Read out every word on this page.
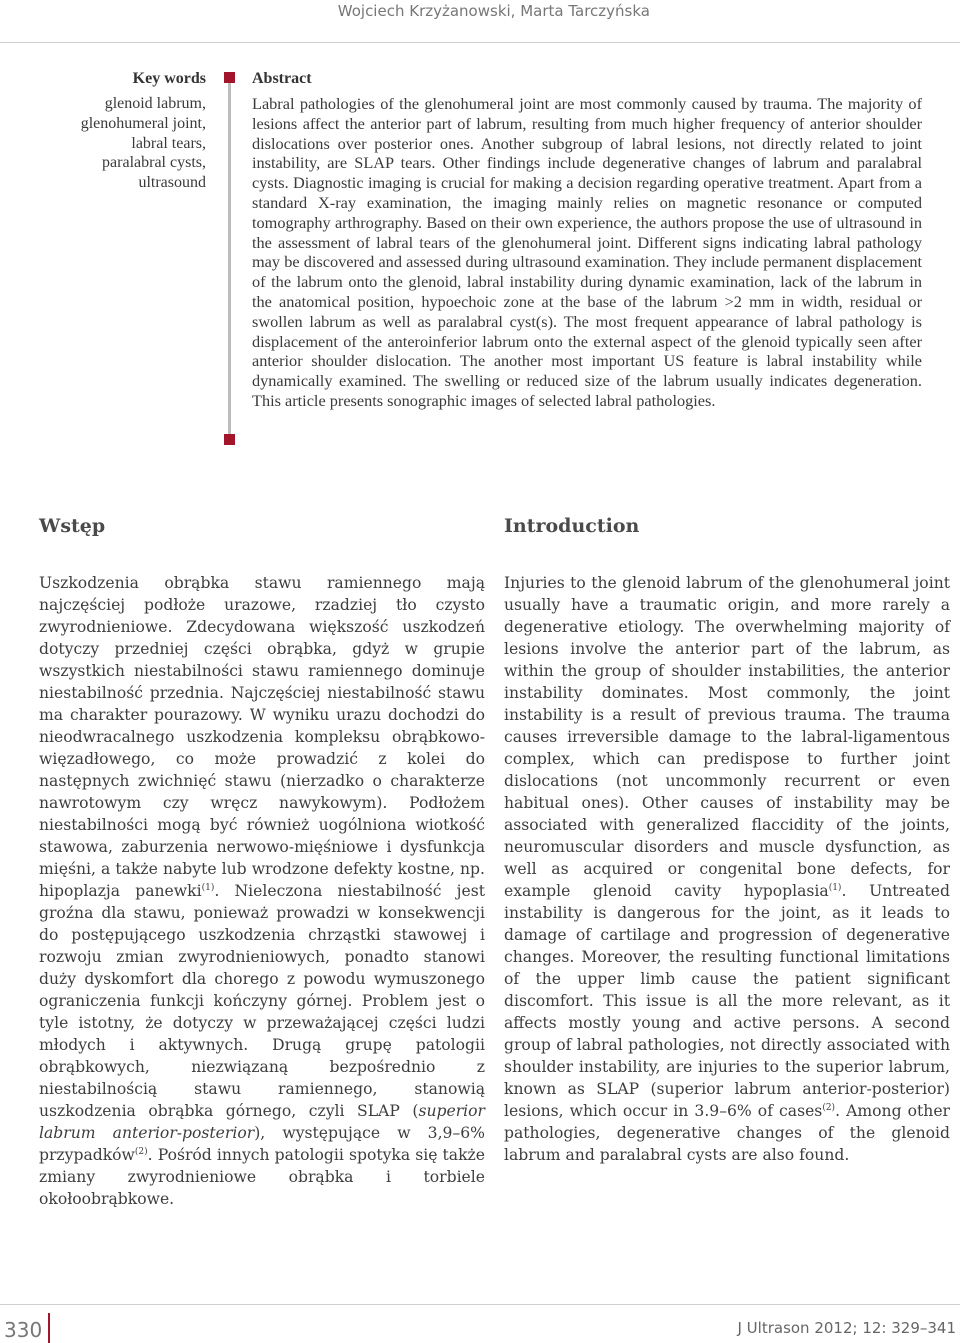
Wojciech Krzyżanowski, Marta Tarczyńska
Key words
glenoid labrum,
glenohumeral joint,
labral tears,
paralabral cysts,
ultrasound
Abstract

Labral pathologies of the glenohumeral joint are most commonly caused by trauma. The majority of lesions affect the anterior part of labrum, resulting from much higher frequency of anterior shoulder dislocations over posterior ones. Another subgroup of labral lesions, not directly related to joint instability, are SLAP tears. Other findings include degenerative changes of labrum and paralabral cysts. Diagnostic imaging is crucial for making a decision regarding operative treatment. Apart from a standard X-ray examination, the imaging mainly relies on magnetic resonance or computed tomography arthrography. Based on their own experience, the authors propose the use of ultrasound in the assessment of labral tears of the glenohumeral joint. Different signs indicating labral pathology may be discovered and assessed during ultrasound examination. They include permanent displacement of the labrum onto the glenoid, labral instability during dynamic examination, lack of the labrum in the anatomical position, hypoechoic zone at the base of the labrum >2 mm in width, residual or swollen labrum as well as paralabral cyst(s). The most frequent appearance of labral pathology is displacement of the anteroinferior labrum onto the external aspect of the glenoid typically seen after anterior shoulder dislocation. The another most important US feature is labral instability while dynamically examined. The swelling or reduced size of the labrum usually indicates degeneration. This article presents sonographic images of selected labral pathologies.

Wstęp

Uszkodzenia obrąbka stawu ramiennego mają najczęściej podłoże urazowe, rzadziej tło czysto zwyrodnieniowe. Zdecydowana większość uszkodzeń dotyczy przedniej części obrąbka, gdyż w grupie wszystkich niestabilności stawu ramiennego dominuje niestabilność przednia. Najczęściej niestabilność stawu ma charakter pourazowy. W wyniku urazu dochodzi do nieodwracalnego uszkodzenia kompleksu obrąbkowo-więzadłowego, co może prowadzić z kolei do następnych zwichnięć stawu (nierzadko o charakterze nawrotowym czy wręcz nawykowym). Podłożem niestabilności mogą być również uogólniona wiotkość stawowa, zaburzenia nerwowo-mięśniowe i dysfunkcja mięśni, a także nabyte lub wrodzone defekty kostne, np. hipoplazja panewki$^{(1)}$. Nieleczona niestabilność jest groźna dla stawu, ponieważ prowadzi w konsekwencji do postępującego uszkodzenia chrząstki stawowej i rozwoju zmian zwyrodnieniowych, ponadto stanowi duży dyskomfort dla chorego z powodu wymuszonego ograniczenia funkcji kończyny górnej. Problem jest o tyle istotny, że dotyczy w przeważającej części ludzi młodych i aktywnych. Drugą grupę patologii obrąbkowych, niezwiązaną bezpośrednio z niestabilnością stawu ramiennego, stanowią uszkodzenia obrąbka górnego, czyli SLAP (superior labrum anterior-posterior), występujące w 3,9–6% przypadków$^{(2)}$. Pośród innych patologii spotyka się także zmiany zwyrodnieniowe obrąbka i torbiele okołoobrąbkowe.

Introduction

Injuries to the glenoid labrum of the glenohumeral joint usually have a traumatic origin, and more rarely a degenerative etiology. The overwhelming majority of lesions involve the anterior part of the labrum, as within the group of shoulder instabilities, the anterior instability dominates. Most commonly, the joint instability is a result of previous trauma. The trauma causes irreversible damage to the labral-ligamentous complex, which can predispose to further joint dislocations (not uncommonly recurrent or even habitual ones). Other causes of instability may be associated with generalized flaccidity of the joints, neuromuscular disorders and muscle dysfunction, as well as acquired or congenital bone defects, for example glenoid cavity hypoplasia$^{(1)}$. Untreated instability is dangerous for the joint, as it leads to damage of cartilage and progression of degenerative changes. Moreover, the resulting functional limitations of the upper limb cause the patient significant discomfort. This issue is all the more relevant, as it affects mostly young and active persons. A second group of labral pathologies, not directly associated with shoulder instability, are injuries to the superior labrum, known as SLAP (superior labrum anterior-posterior) lesions, which occur in 3.9–6% of cases$^{(2)}$. Among other pathologies, degenerative changes of the glenoid labrum and paralabral cysts are also found.

330	J Ultrason 2012; 12: 329–341
